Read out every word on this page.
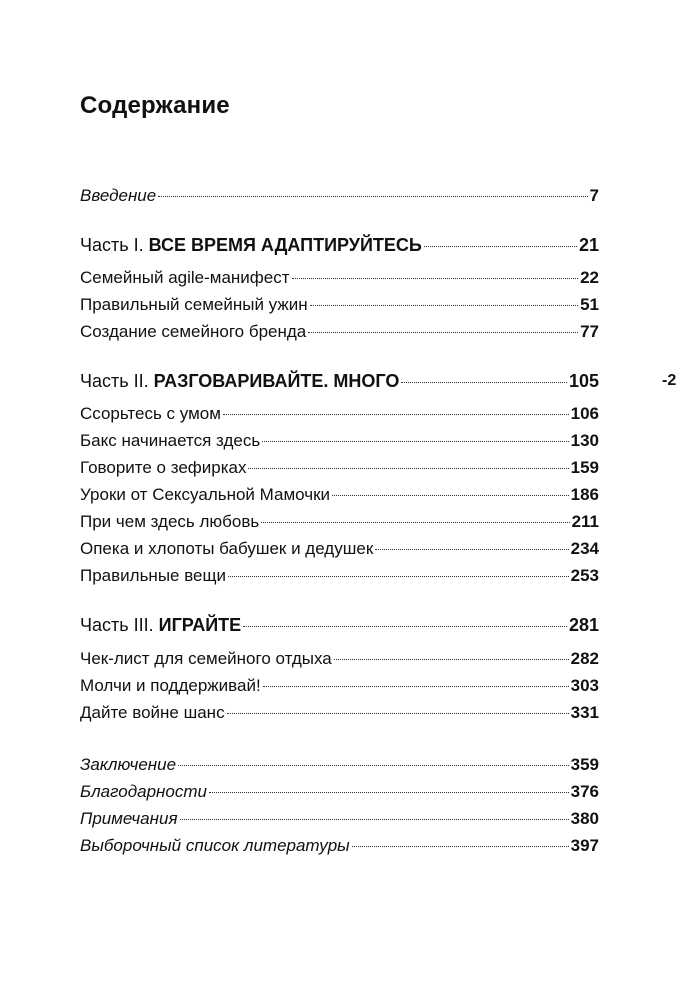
Содержание
Введение	7
Часть I. ВСЕ ВРЕМЯ АДАПТИРУЙТЕСЬ	21
Семейный agile-манифест	22
Правильный семейный ужин	51
Создание семейного бренда	77
Часть II. РАЗГОВАРИВАЙТЕ. МНОГО	105
Ссорьтесь с умом	106
Бакс начинается здесь	130
Говорите о зефирках	159
Уроки от Сексуальной Мамочки	186
При чем здесь любовь	211
Опека и хлопоты бабушек и дедушек	234
Правильные вещи	253
Часть III. ИГРАЙТЕ	281
Чек-лист для семейного отдыха	282
Молчи и поддерживай!	303
Дайте войне шанс	331
Заключение	359
Благодарности	376
Примечания	380
Выборочный список литературы	397
-2
